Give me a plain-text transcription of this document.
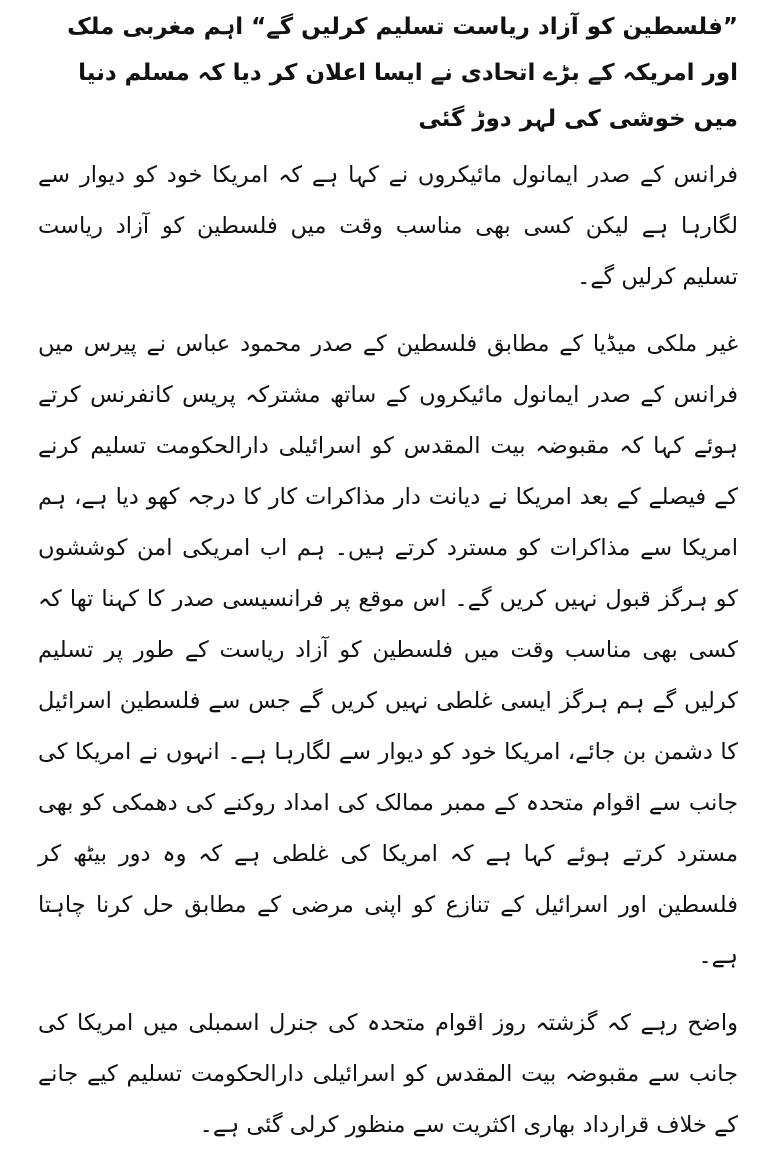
”فلسطین کو آزاد ریاست تسلیم کرلیں گے“ اہم مغربی ملک اور امریکہ کے بڑے اتحادی نے ایسا اعلان کر دیا کہ مسلم دنیا میں خوشی کی لہر دوڑ گئی

فرانس کے صدر ایمانول مائیکروں نے کہا ہے کہ امریکا خود کو دیوار سے لگارہا ہے لیکن کسی بھی مناسب وقت میں فلسطین کو آزاد ریاست تسلیم کرلیں گے۔

غیر ملکی میڈیا کے مطابق فلسطین کے صدر محمود عباس نے پیرس میں فرانس کے صدر ایمانول مائیکروں کے ساتھ مشترکہ پریس کانفرنس کرتے ہوئے کہا کہ مقبوضہ بیت المقدس کو اسرائیلی دارالحکومت تسلیم کرنے کے فیصلے کے بعد امریکا نے دیانت دار مذاکرات کار کا درجہ کھو دیا ہے، ہم امریکا سے مذاکرات کو مسترد کرتے ہیں۔ ہم اب امریکی امن کوششوں کو ہرگز قبول نہیں کریں گے۔ اس موقع پر فرانسیسی صدر کا کہنا تھا کہ کسی بھی مناسب وقت میں فلسطین کو آزاد ریاست کے طور پر تسلیم کرلیں گے ہم ہرگز ایسی غلطی نہیں کریں گے جس سے فلسطین اسرائیل کا دشمن بن جائے، امریکا خود کو دیوار سے لگارہا ہے۔ انہوں نے امریکا کی جانب سے اقوام متحدہ کے ممبر ممالک کی امداد روکنے کی دھمکی کو بھی مسترد کرتے ہوئے کہا ہے کہ امریکا کی غلطی ہے کہ وہ دور بیٹھ کر فلسطین اور اسرائیل کے تنازع کو اپنی مرضی کے مطابق حل کرنا چاہتا ہے۔

واضح رہے کہ گزشتہ روز اقوام متحدہ کی جنرل اسمبلی میں امریکا کی جانب سے مقبوضہ بیت المقدس کو اسرائیلی دارالحکومت تسلیم کیے جانے کے خلاف قرارداد بھاری اکثریت سے منظور کرلی گئی ہے۔
